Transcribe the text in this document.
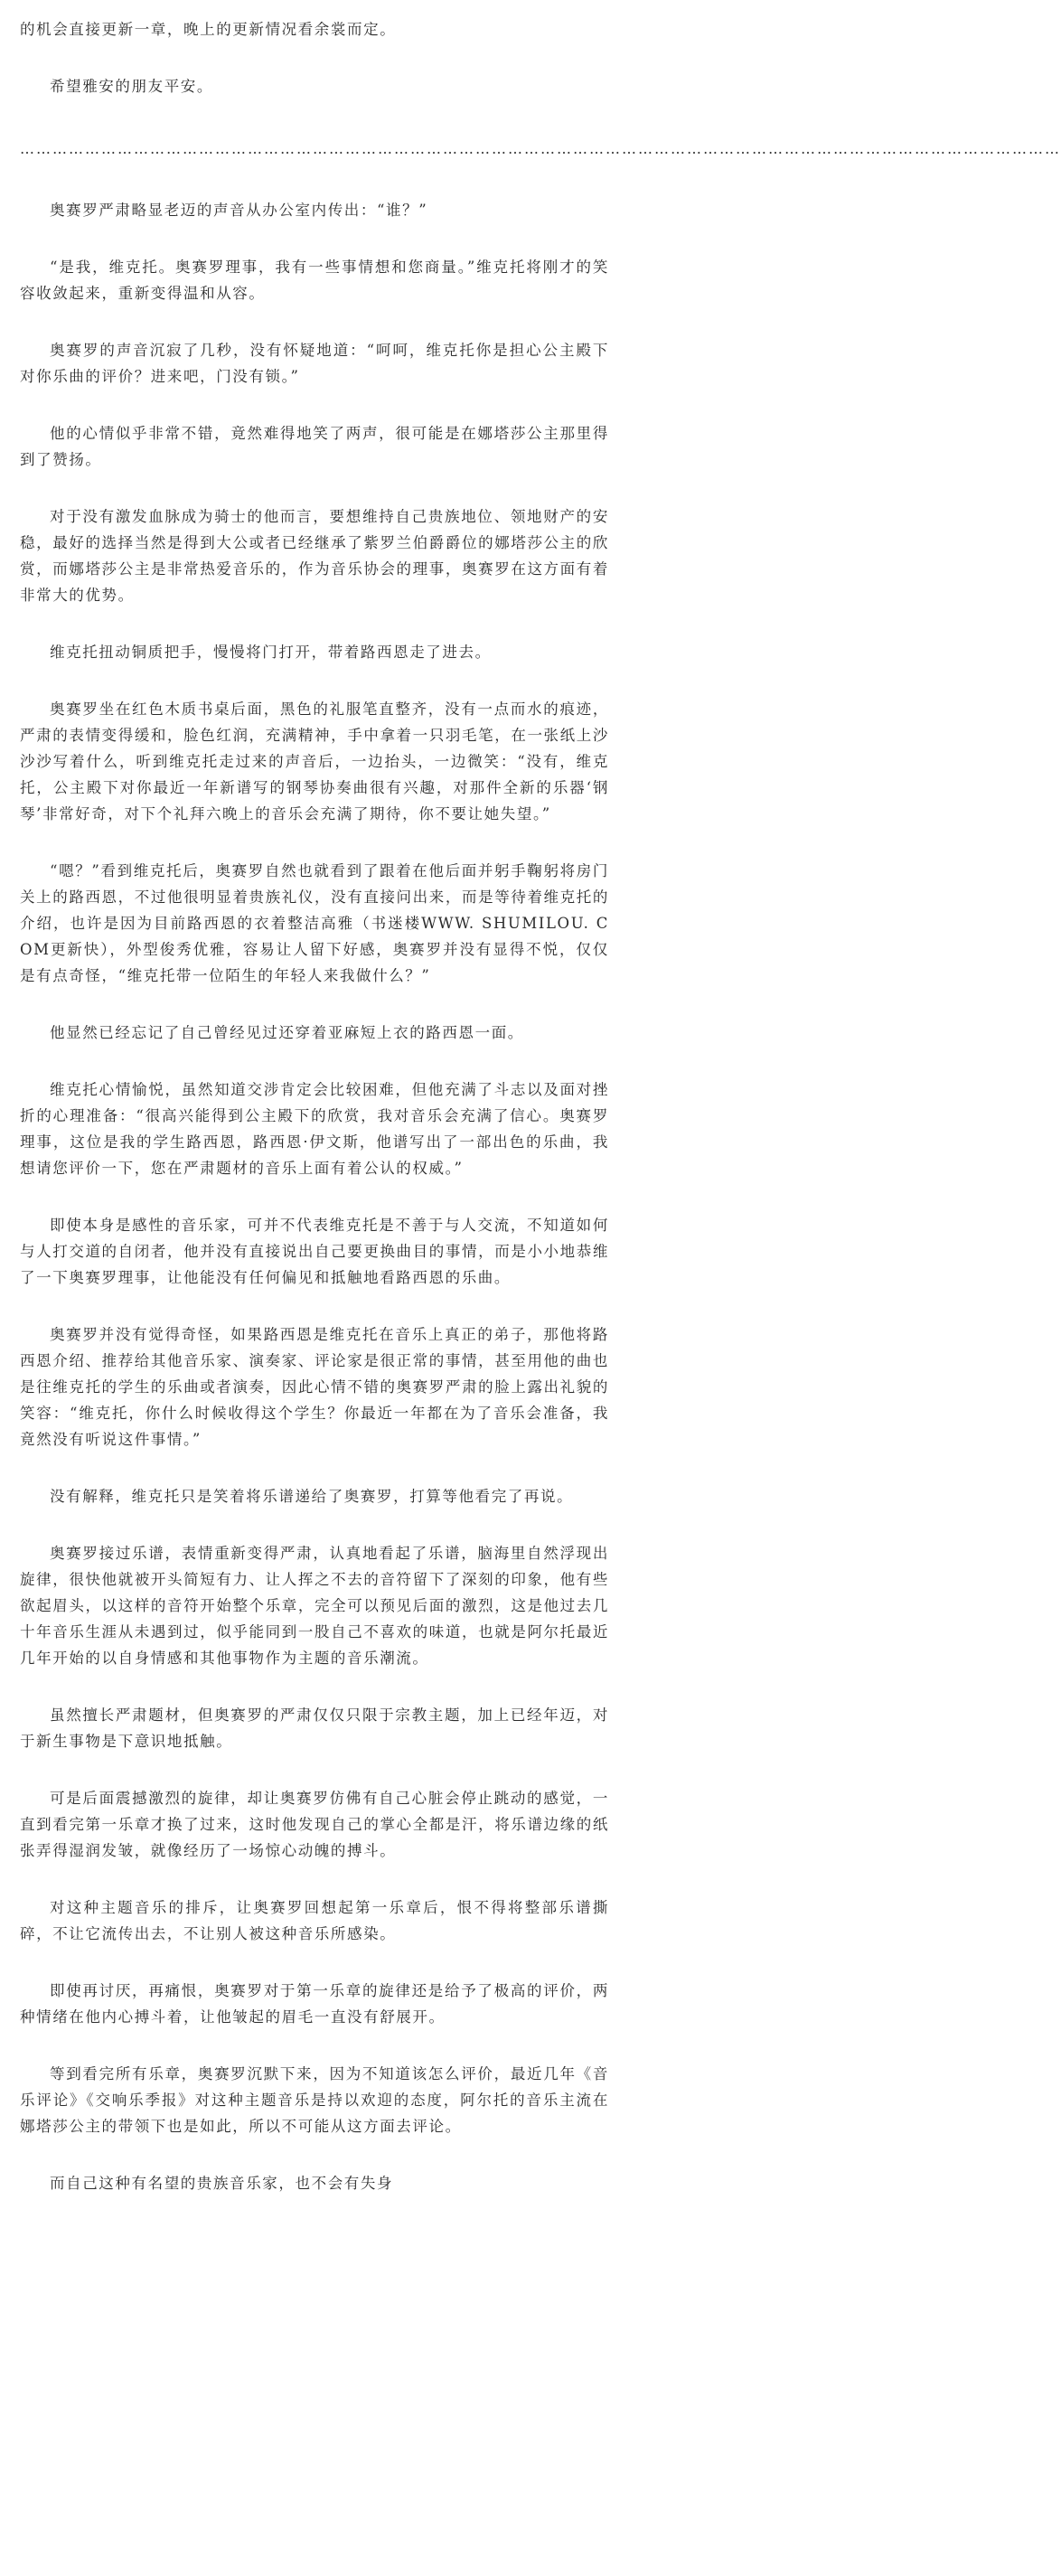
的机会直接更新一章，晚上的更新情况看余裳而定。

希望雅安的朋友平安。

…………………………………………………………………………………………………………………………………………………………………………

奥赛罗严肃略显老迈的声音从办公室内传出：“谁？”

“是我，维克托。奥赛罗理事，我有一些事情想和您商量。”维克托将刚才的笑容收敛起来，重新变得温和从容。

奥赛罗的声音沉寂了几秒，没有怀疑地道：“呵呵，维克托你是担心公主殿下对你乐曲的评价？进来吧，门没有锁。”

他的心情似乎非常不错，竟然难得地笑了两声，很可能是在娜塔莎公主那里得到了赞扬。

对于没有激发血脉成为骑士的他而言，要想维持自己贵族地位、领地财产的安稳，最好的选择当然是得到大公或者已经继承了紫罗兰伯爵爵位的娜塔莎公主的欣赏，而娜塔莎公主是非常热爱音乐的，作为音乐协会的理事，奥赛罗在这方面有着非常大的优势。

维克托扭动铜质把手，慢慢将门打开，带着路西恩走了进去。

奥赛罗坐在红色木质书桌后面，黑色的礼服笔直整齐，没有一点而水的痕迹，严肃的表情变得缓和，脸色红润，充满精神，手中拿着一只羽毛笔，在一张纸上沙沙沙写着什么，听到维克托走过来的声音后，一边抬头，一边微笑：“没有，维克托，公主殿下对你最近一年新谱写的钢琴协奏曲很有兴趣，对那件全新的乐器‘钢琴’非常好奇，对下个礼拜六晚上的音乐会充满了期待，你不要让她失望。”

“嗯？”看到维克托后，奥赛罗自然也就看到了跟着在他后面并躬手鞠躬将房门关上的路西恩，不过他很明显着贵族礼仪，没有直接问出来，而是等待着维克托的介绍，也许是因为目前路西恩的衣着整洁高雅（书迷楼WWW. SHUMILOU. COM更新快），外型俊秀优雅，容易让人留下好感，奥赛罗并没有显得不悦，仅仅是有点奇怪，“维克托带一位陌生的年轻人来我做什么？”

他显然已经忘记了自己曾经见过还穿着亚麻短上衣的路西恩一面。

维克托心情愉悦，虽然知道交涉肯定会比较困难，但他充满了斗志以及面对挫折的心理准备：“很高兴能得到公主殿下的欣赏，我对音乐会充满了信心。奥赛罗理事，这位是我的学生路西恩，路西恩·伊文斯，他谱写出了一部出色的乐曲，我想请您评价一下，您在严肃题材的音乐上面有着公认的权威。”

即使本身是感性的音乐家，可并不代表维克托是不善于与人交流，不知道如何与人打交道的自闭者，他并没有直接说出自己要更换曲目的事情，而是小小地恭维了一下奥赛罗理事，让他能没有任何偏见和抵触地看路西恩的乐曲。

奥赛罗并没有觉得奇怪，如果路西恩是维克托在音乐上真正的弟子，那他将路西恩介绍、推荐给其他音乐家、演奏家、评论家是很正常的事情，甚至用他的曲也是往维克托的学生的乐曲或者演奏，因此心情不错的奥赛罗严肃的脸上露出礼貌的笑容：“维克托，你什么时候收得这个学生？你最近一年都在为了音乐会准备，我竟然没有听说这件事情。”

没有解释，维克托只是笑着将乐谱递给了奥赛罗，打算等他看完了再说。

奥赛罗接过乐谱，表情重新变得严肃，认真地看起了乐谱，脑海里自然浮现出旋律，很快他就被开头简短有力、让人挥之不去的音符留下了深刻的印象，他有些欲起眉头，以这样的音符开始整个乐章，完全可以预见后面的激烈，这是他过去几十年音乐生涯从未遇到过，似乎能同到一股自己不喜欢的味道，也就是阿尔托最近几年开始的以自身情感和其他事物作为主题的音乐潮流。

虽然擅长严肃题材，但奥赛罗的严肃仅仅只限于宗教主题，加上已经年迈，对于新生事物是下意识地抵触。

可是后面震撼激烈的旋律，却让奥赛罗仿佛有自己心脏会停止跳动的感觉，一直到看完第一乐章才换了过来，这时他发现自己的掌心全都是汗，将乐谱边缘的纸张弄得湿润发皱，就像经历了一场惊心动魄的搏斗。

对这种主题音乐的排斥，让奥赛罗回想起第一乐章后，恨不得将整部乐谱撕碎，不让它流传出去，不让别人被这种音乐所感染。

即使再讨厌，再痛恨，奥赛罗对于第一乐章的旋律还是给予了极高的评价，两种情绪在他内心搏斗着，让他皱起的眉毛一直没有舒展开。

等到看完所有乐章，奥赛罗沉默下来，因为不知道该怎么评价，最近几年《音乐评论》《交响乐季报》对这种主题音乐是持以欢迎的态度，阿尔托的音乐主流在娜塔莎公主的带领下也是如此，所以不可能从这方面去评论。

而自己这种有名望的贵族音乐家，也不会有失身
